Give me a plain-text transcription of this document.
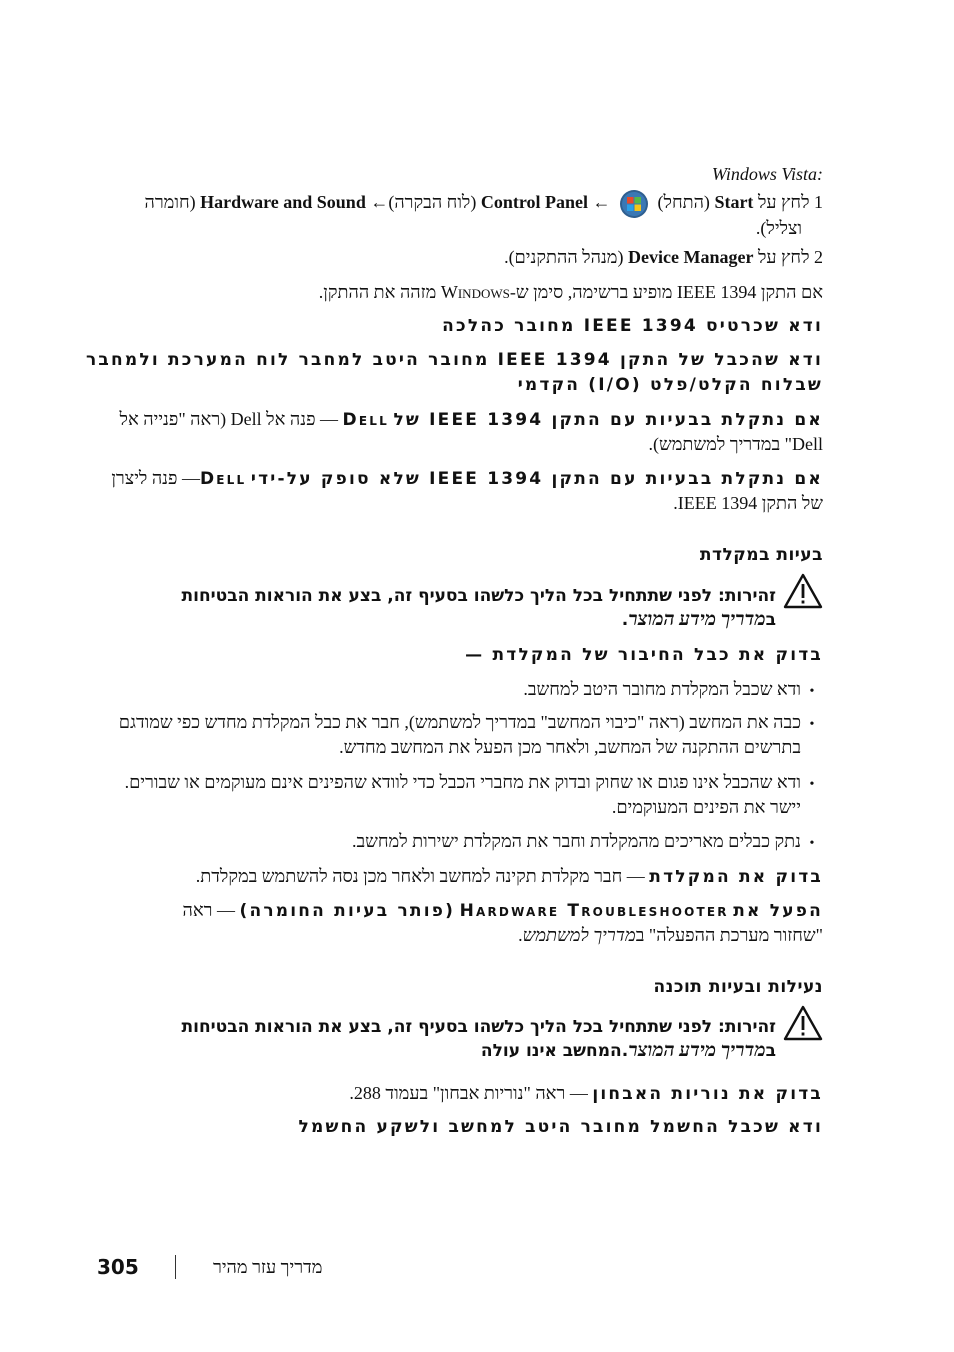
:Windows Vista
1 לחץ על Start (התחל)  ← Control Panel (לוח הבקרה)← Hardware and Sound (חומרה
וצליל).
2 לחץ על Device Manager (מנהל ההתקנים).
אם התקן IEEE 1394 מופיע ברשימה, סימן ש-Windows מזהה את ההתקן.
ודא שכרטיס IEEE 1394 מחובר כהלכה
ודא שהכבל של התקן IEEE 1394 מחובר היטב למחבר לוח המערכת ולמחבר
שבלוח הקלט/פלט (I/O) הקדמי
אם נתקלת בבעיות עם התקן IEEE 1394 של Dell — פנה אל Dell (ראה "פנייה אל
Dell" במדריך למשתמש).
אם נתקלת בבעיות עם התקן IEEE 1394 שלא סופק על-ידי Dell— פנה ליצרן
של התקן IEEE 1394.
בעיות במקלדת
זהירות: לפני שתתחיל בכל הליך כלשהו בסעיף זה, בצע את הוראות הבטיחות
במדריך מידע המוצר.
בדוק את כבל החיבור של המקלדת —
•ודא שכבל המקלדת מחובר היטב למחשב.
•כבה את המחשב (ראה "כיבוי המחשב" במדריך למשתמש), חבר את כבל המקלדת מחדש כפי שמודגם
בתרשים ההתקנה של המחשב, ולאחר מכן הפעל את המחשב מחדש.
•ודא שהכבל אינו פגום או שחוק ובדוק את מחברי הכבל כדי לוודא שהפינים אינם מעוקמים או שבורים.
יישר את הפינים המעוקמים.
•נתק כבלים מאריכים מהמקלדת וחבר את המקלדת ישירות למחשב.
בדוק את המקלדת — חבר מקלדת תקינה למחשב ולאחר מכן נסה להשתמש במקלדת.
הפעל את Hardware Troubleshooter (פותר בעיות החומרה) — ראה
"שחזור מערכת ההפעלה" במדריך למשתמש.
נעילות ובעיות תוכנה
זהירות: לפני שתתחיל בכל הליך כלשהו בסעיף זה, בצע את הוראות הבטיחות
במדריך מידע המוצר.המחשב אינו עולה
בדוק את נוריות האבחון — ראה "נוריות אבחון" בעמוד 288.
ודא שכבל החשמל מחובר היטב למחשב ולשקע החשמל
305	מדריך עזר מהיר
